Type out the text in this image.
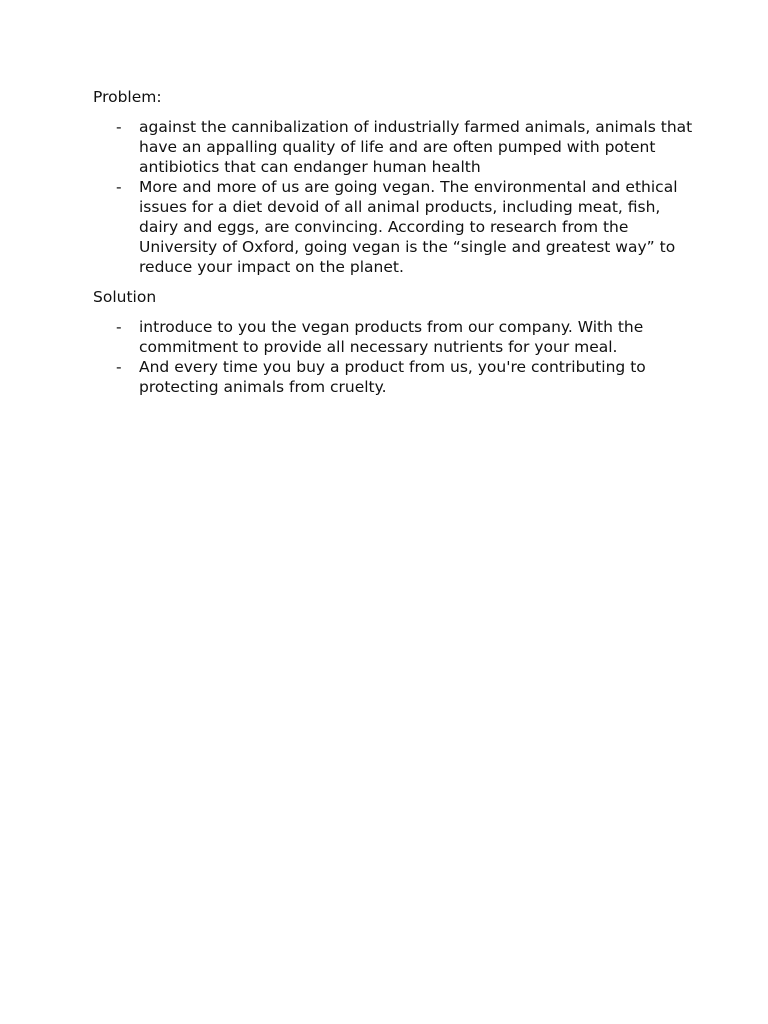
Problem:

- against the cannibalization of industrially farmed animals, animals that have an appalling quality of life and are often pumped with potent antibiotics that can endanger human health
- More and more of us are going vegan. The environmental and ethical issues for a diet devoid of all animal products, including meat, fish, dairy and eggs, are convincing. According to research from the University of Oxford, going vegan is the “single and greatest way” to reduce your impact on the planet.

Solution

- introduce to you the vegan products from our company. With the commitment to provide all necessary nutrients for your meal.
- And every time you buy a product from us, you're contributing to protecting animals from cruelty.
